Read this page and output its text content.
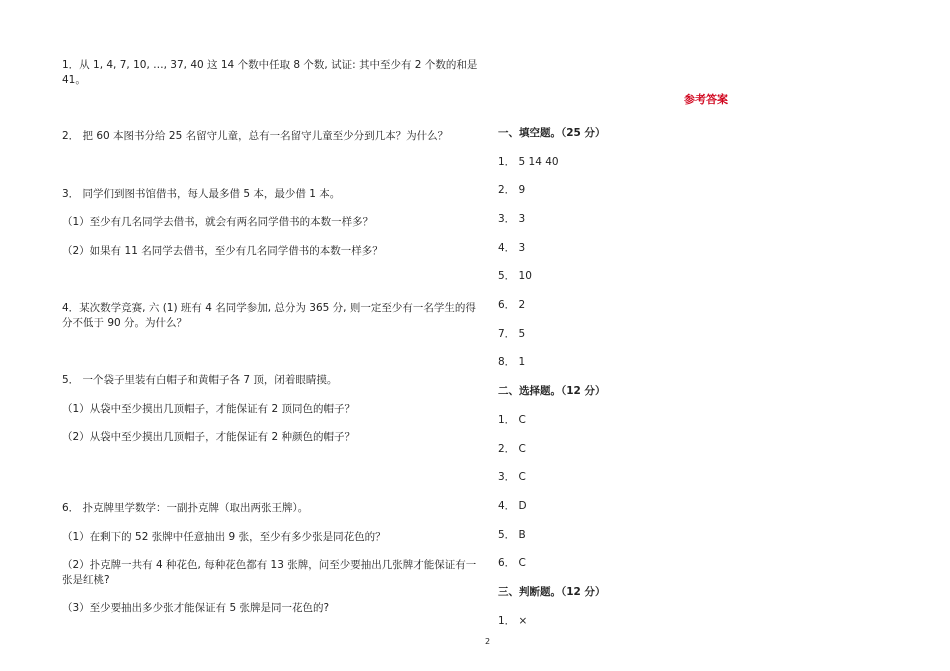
1．从 1, 4, 7, 10, …, 37, 40 这 14 个数中任取 8 个数, 试证: 其中至少有 2 个数的和是
41。
2． 把 60 本图书分给 25 名留守儿童，总有一名留守儿童至少分到几本？为什么？
3． 同学们到图书馆借书，每人最多借 5 本，最少借 1 本。
（1）至少有几名同学去借书，就会有两名同学借书的本数一样多？
（2）如果有 11 名同学去借书，至少有几名同学借书的本数一样多？
4．某次数学竞赛, 六 (1) 班有 4 名同学参加, 总分为 365 分, 则一定至少有一名学生的得
分不低于 90 分。为什么？
5． 一个袋子里装有白帽子和黄帽子各 7 顶，闭着眼睛摸。
（1）从袋中至少摸出几顶帽子，才能保证有 2 顶同色的帽子？
（2）从袋中至少摸出几顶帽子，才能保证有 2 种颜色的帽子？
6． 扑克牌里学数学：一副扑克牌（取出两张王牌）。
（1）在剩下的 52 张牌中任意抽出 9 张，至少有多少张是同花色的？
（2）扑克牌一共有 4 种花色, 每种花色都有 13 张牌，问至少要抽出几张牌才能保证有一
张是红桃?
（3）至少要抽出多少张才能保证有 5 张牌是同一花色的?
参考答案
一、填空题。（25 分）
1． 5 14 40
2． 9
3． 3
4． 3
5． 10
6． 2
7． 5
8． 1
二、选择题。（12 分）
1． C
2． C
3． C
4． D
5． B
6． C
三、判断题。（12 分）
1． ×
2
